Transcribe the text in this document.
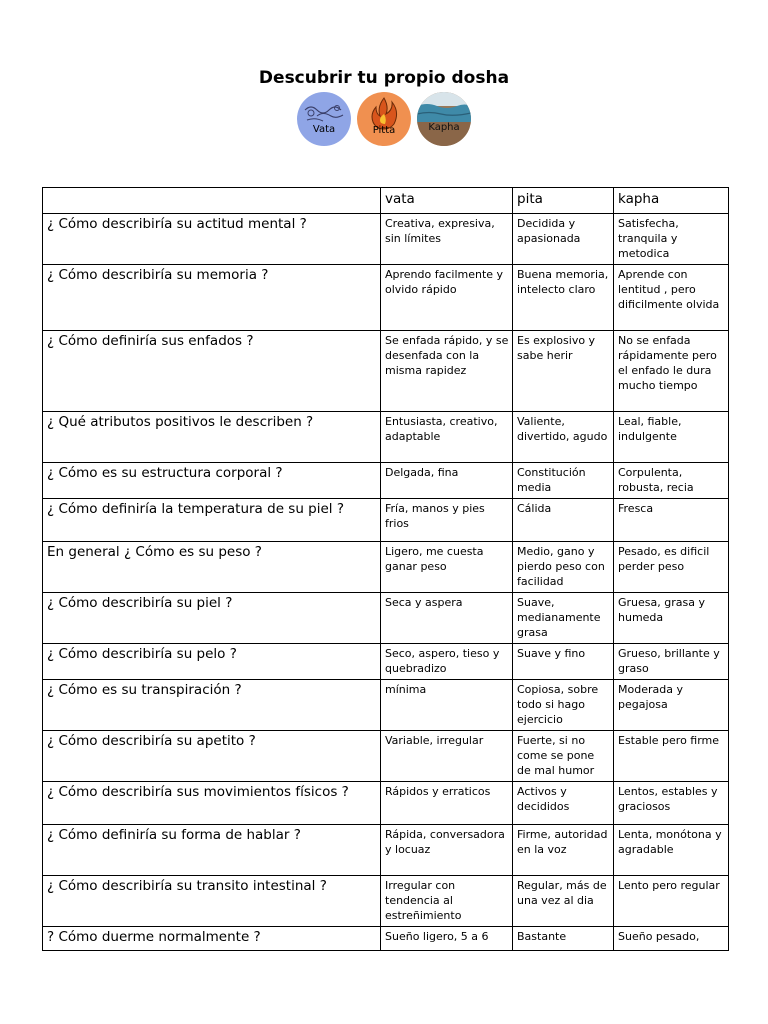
Descubrir tu propio dosha
Vata	Pitta	Kapha
	vata	pita	kapha
¿ Cómo describiría su actitud mental ?	Creativa, expresiva, sin límites	Decidida y apasionada	Satisfecha, tranquila y metodica
¿ Cómo describiría su memoria ?	Aprendo facilmente y olvido rápido	Buena memoria, intelecto claro	Aprende con lentitud , pero dificilmente olvida
¿ Cómo definiría sus enfados ?	Se enfada rápido, y se desenfada con la misma rapidez	Es explosivo y sabe herir	No se enfada rápidamente pero el enfado le dura mucho tiempo
¿ Qué atributos positivos le describen ?	Entusiasta, creativo, adaptable	Valiente, divertido, agudo	Leal, fiable, indulgente
¿ Cómo es su estructura corporal ?	Delgada, fina	Constitución media	Corpulenta, robusta, recia
¿ Cómo definiría la temperatura de su piel ?	Fría, manos y pies frios	Cálida	Fresca
En general ¿ Cómo es su peso ?	Ligero, me cuesta ganar peso	Medio, gano y pierdo peso con facilidad	Pesado, es dificil perder peso
¿ Cómo describiría su piel ?	Seca y aspera	Suave, medianamente grasa	Gruesa, grasa y humeda
¿ Cómo describiría su pelo ?	Seco, aspero, tieso y quebradizo	Suave y fino	Grueso, brillante y graso
¿ Cómo es su transpiración ?	mínima	Copiosa, sobre todo si hago ejercicio	Moderada y pegajosa
¿ Cómo describiría su apetito ?	Variable, irregular	Fuerte, si no come se pone de mal humor	Estable pero firme
¿ Cómo describiría sus movimientos físicos ?	Rápidos y erraticos	Activos y decididos	Lentos, estables y graciosos
¿ Cómo definiría su forma de hablar ?	Rápida, conversadora y locuaz	Firme, autoridad en la voz	Lenta, monótona y agradable
¿ Cómo describiría su transito intestinal ?	Irregular con tendencia al estreñimiento	Regular, más de una vez al dia	Lento pero regular
? Cómo duerme normalmente ?	Sueño ligero, 5 a 6	Bastante	Sueño pesado,
